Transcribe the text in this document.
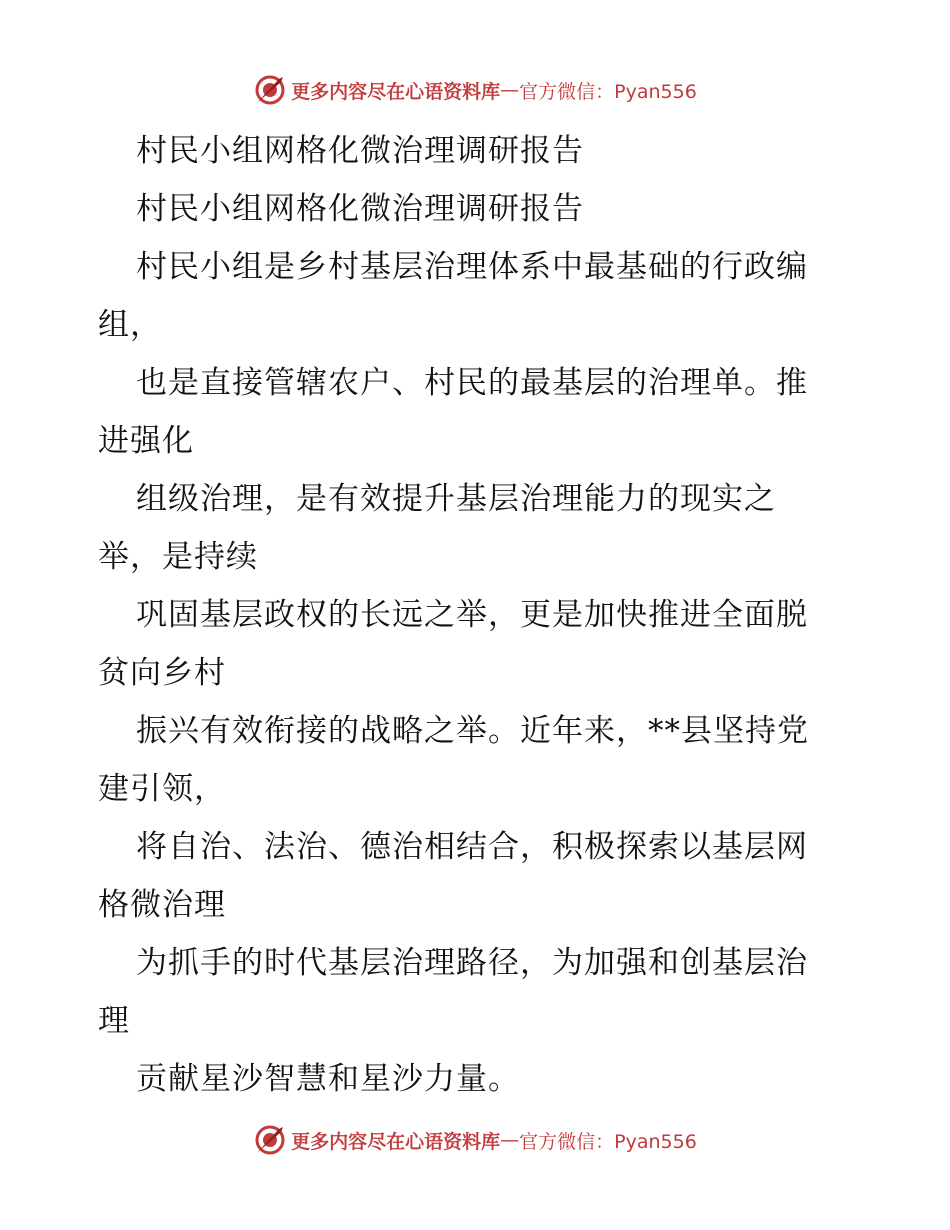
更多内容尽在心语资料库 — 官方微信：Pyan556
村民小组网格化微治理调研报告
村民小组网格化微治理调研报告
村民小组是乡村基层治理体系中最基础的行政编
组，
也是直接管辖农户、村民的最基层的治理单。推
进强化
组级治理，是有效提升基层治理能力的现实之
举，是持续
巩固基层政权的长远之举，更是加快推进全面脱
贫向乡村
振兴有效衔接的战略之举。近年来，**县坚持党
建引领，
将自治、法治、德治相结合，积极探索以基层网
格微治理
为抓手的时代基层治理路径，为加强和创基层治
理
贡献星沙智慧和星沙力量。
更多内容尽在心语资料库 — 官方微信：Pyan556
